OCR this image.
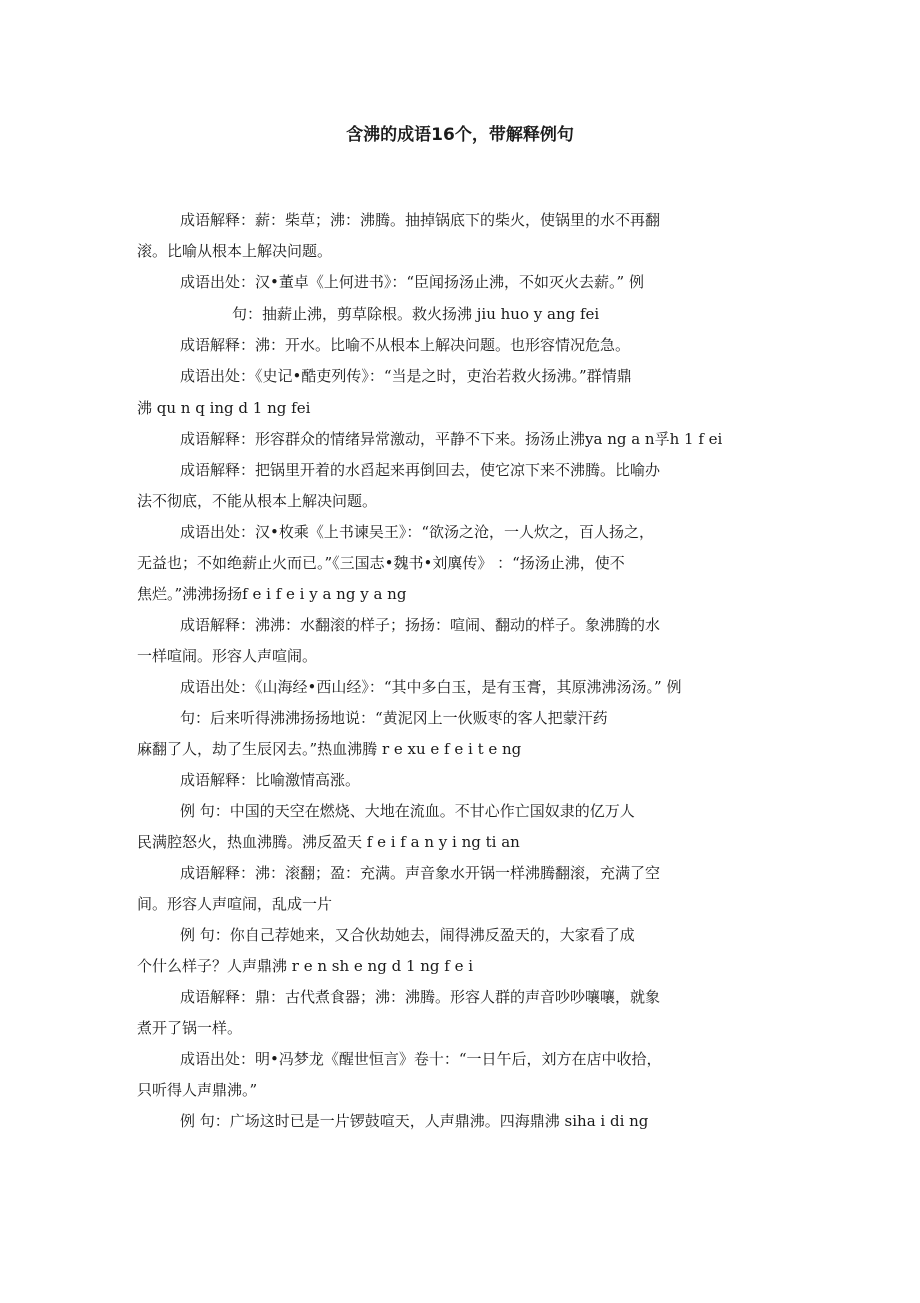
含沸的成语16个，带解释例句
成语解释：薪：柴草；沸：沸腾。抽掉锅底下的柴火，使锅里的水不再翻
滚。比喻从根本上解决问题。
成语出处：汉•董卓《上何进书》：“臣闻扬汤止沸，不如灭火去薪。” 例
句：抽薪止沸，剪草除根。救火扬沸 jiu huo y ang fei
成语解释：沸：开水。比喻不从根本上解决问题。也形容情况危急。
成语出处：《史记•酷吏列传》：“当是之时，吏治若救火扬沸。”群情鼎
沸 qu n q ing d 1 ng fei
成语解释：形容群众的情绪异常激动，平静不下来。扬汤止沸ya ng a n孚h 1 f ei
成语解释：把锅里开着的水舀起来再倒回去，使它凉下来不沸腾。比喻办
法不彻底，不能从根本上解决问题。
成语出处：汉•枚乘《上书谏吴王》：“欲汤之沧，一人炊之，百人扬之，
无益也；不如绝薪止火而已。”《三国志•魏书•刘廙传》 ：“扬汤止沸，使不
焦烂。”沸沸扬扬f e i f e i y a ng y a ng
成语解释：沸沸：水翻滚的样子；扬扬：喧闹、翻动的样子。象沸腾的水
一样喧闹。形容人声喧闹。
成语出处：《山海经•西山经》：“其中多白玉，是有玉膏，其原沸沸汤汤。” 例
句：后来听得沸沸扬扬地说：“黄泥冈上一伙贩枣的客人把蒙汗药
麻翻了人，劫了生辰冈去。”热血沸腾 r e xu e f e i t e ng
成语解释：比喻激情高涨。
例 句：中国的天空在燃烧、大地在流血。不甘心作亡国奴隶的亿万人
民满腔怒火，热血沸腾。沸反盈天 f e i f a n y i ng ti an
成语解释：沸：滚翻；盈：充满。声音象水开锅一样沸腾翻滚，充满了空
间。形容人声喧闹，乱成一片
例 句：你自己荐她来，又合伙劫她去，闹得沸反盈天的，大家看了成
个什么样子？人声鼎沸 r e n sh e ng d 1 ng f e i
成语解释：鼎：古代煮食器；沸：沸腾。形容人群的声音吵吵嚷嚷，就象
煮开了锅一样。
成语出处：明•冯梦龙《醒世恒言》卷十：“一日午后，刘方在店中收拾，
只听得人声鼎沸。”
例 句：广场这时已是一片锣鼓喧天，人声鼎沸。四海鼎沸 siha i di ng
